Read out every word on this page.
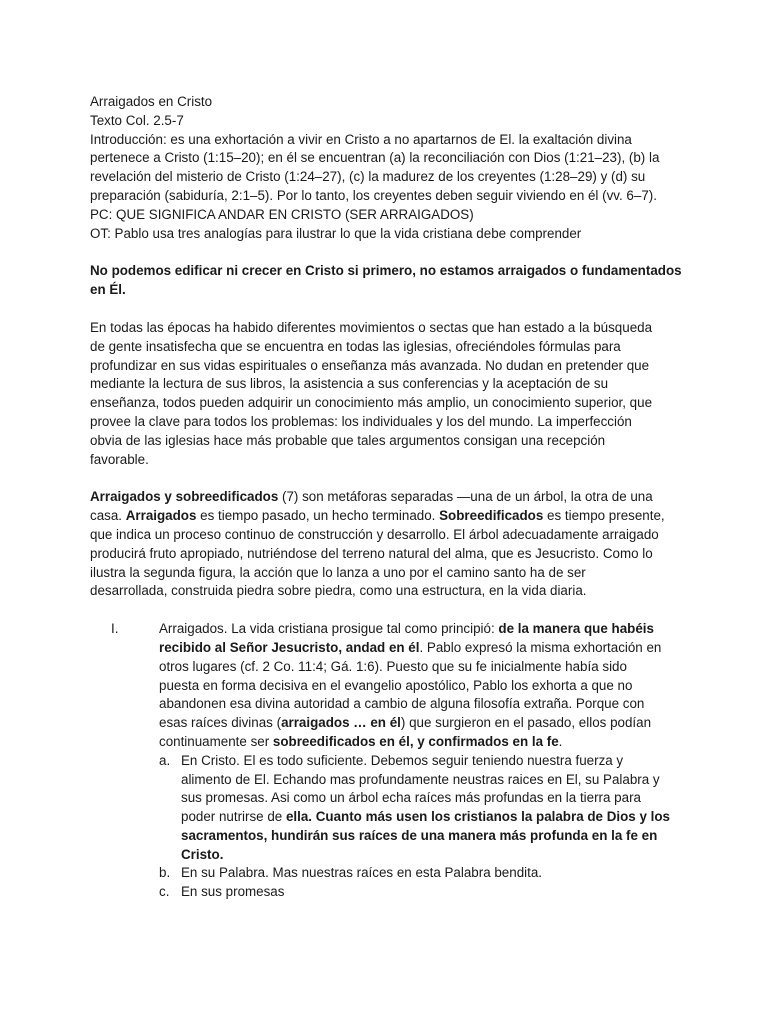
Arraigados en Cristo
Texto Col. 2.5-7
Introducción: es una exhortación a vivir en Cristo a no apartarnos de El. la exaltación divina
pertenece a Cristo (1:15–20); en él se encuentran (a) la reconciliación con Dios (1:21–23), (b) la
revelación del misterio de Cristo (1:24–27), (c) la madurez de los creyentes (1:28–29) y (d) su
preparación (sabiduría, 2:1–5). Por lo tanto, los creyentes deben seguir viviendo en él (vv. 6–7).
PC: QUE SIGNIFICA ANDAR EN CRISTO (SER ARRAIGADOS)
OT: Pablo usa tres analogías para ilustrar lo que la vida cristiana debe comprender
No podemos edificar ni crecer en Cristo si primero, no estamos arraigados o fundamentados
en Él.
En todas las épocas ha habido diferentes movimientos o sectas que han estado a la búsqueda
de gente insatisfecha que se encuentra en todas las iglesias, ofreciéndoles fórmulas para
profundizar en sus vidas espirituales o enseñanza más avanzada. No dudan en pretender que
mediante la lectura de sus libros, la asistencia a sus conferencias y la aceptación de su
enseñanza, todos pueden adquirir un conocimiento más amplio, un conocimiento superior, que
provee la clave para todos los problemas: los individuales y los del mundo. La imperfección
obvia de las iglesias hace más probable que tales argumentos consigan una recepción
favorable.
Arraigados y sobreedificados (7) son metáforas separadas —una de un árbol, la otra de una
casa. Arraigados es tiempo pasado, un hecho terminado. Sobreedificados es tiempo presente,
que indica un proceso continuo de construcción y desarrollo. El árbol adecuadamente arraigado
producirá fruto apropiado, nutriéndose del terreno natural del alma, que es Jesucristo. Como lo
ilustra la segunda figura, la acción que lo lanza a uno por el camino santo ha de ser
desarrollada, construida piedra sobre piedra, como una estructura, en la vida diaria.
I.	Arraigados. La vida cristiana prosigue tal como principió: de la manera que habéis
recibido al Señor Jesucristo, andad en él. Pablo expresó la misma exhortación en
otros lugares (cf. 2 Co. 11:4; Gá. 1:6). Puesto que su fe inicialmente había sido
puesta en forma decisiva en el evangelio apostólico, Pablo los exhorta a que no
abandonen esa divina autoridad a cambio de alguna filosofía extraña. Porque con
esas raíces divinas (arraigados … en él) que surgieron en el pasado, ellos podían
continuamente ser sobreedificados en él, y confirmados en la fe.
a. En Cristo. El es todo suficiente. Debemos seguir teniendo nuestra fuerza y
alimento de El. Echando mas profundamente neustras raices en El, su Palabra y
sus promesas. Asi como un árbol echa raíces más profundas en la tierra para
poder nutrirse de ella. Cuanto más usen los cristianos la palabra de Dios y los
sacramentos, hundirán sus raíces de una manera más profunda en la fe en
Cristo.
b. En su Palabra. Mas nuestras raíces en esta Palabra bendita.
c. En sus promesas
